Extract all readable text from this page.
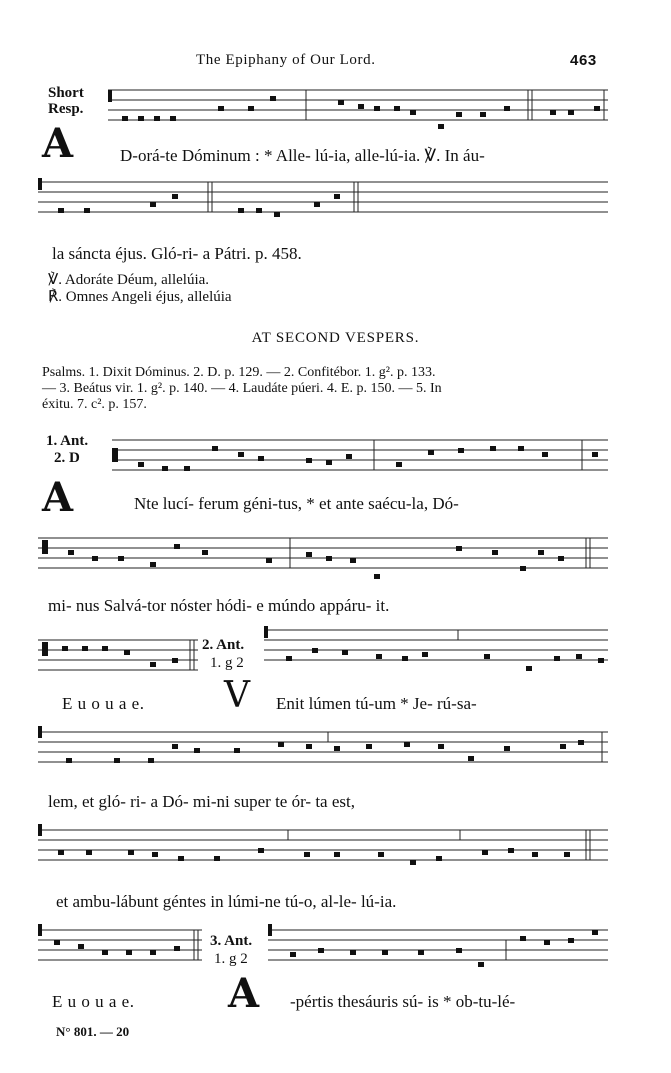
The Epiphany of Our Lord.	463
Short
Resp.
A	D-orá-te Dóminum : * Alle- lú-ia, alle-lú-ia. ℣. In áu-
la sáncta éjus. Gló-ri- a Pátri. p. 458.
℣. Adoráte Déum, allelúia.
℟. Omnes Angeli éjus, allelúia
AT SECOND VESPERS.
Psalms. 1. Dixit Dóminus. 2. D. p. 129. — 2. Confitébor. 1. g². p. 133.
— 3. Beátus vir. 1. g². p. 140. — 4. Laudáte púeri. 4. E. p. 150. — 5. In
éxitu. 7. c². p. 157.
1. Ant.
2. D
A	Nte lucí- ferum géni-tus, * et ante saécu-la, Dó-
mi- nus Salvá-tor nóster hódi- e múndo appáru- it.
2. Ant.
1. g 2
E u o u a e. V Enit lúmen tú-um * Je- rú-sa-
lem, et gló- ri- a Dó- mi-ni super te ór- ta est,
et ambu-lábunt géntes in lúmi-ne tú-o, al-le- lú-ia.
3. Ant.
1. g 2
E u o u a e. A -pértis thesáuris sú- is * ob-tu-lé-
N° 801. — 20
